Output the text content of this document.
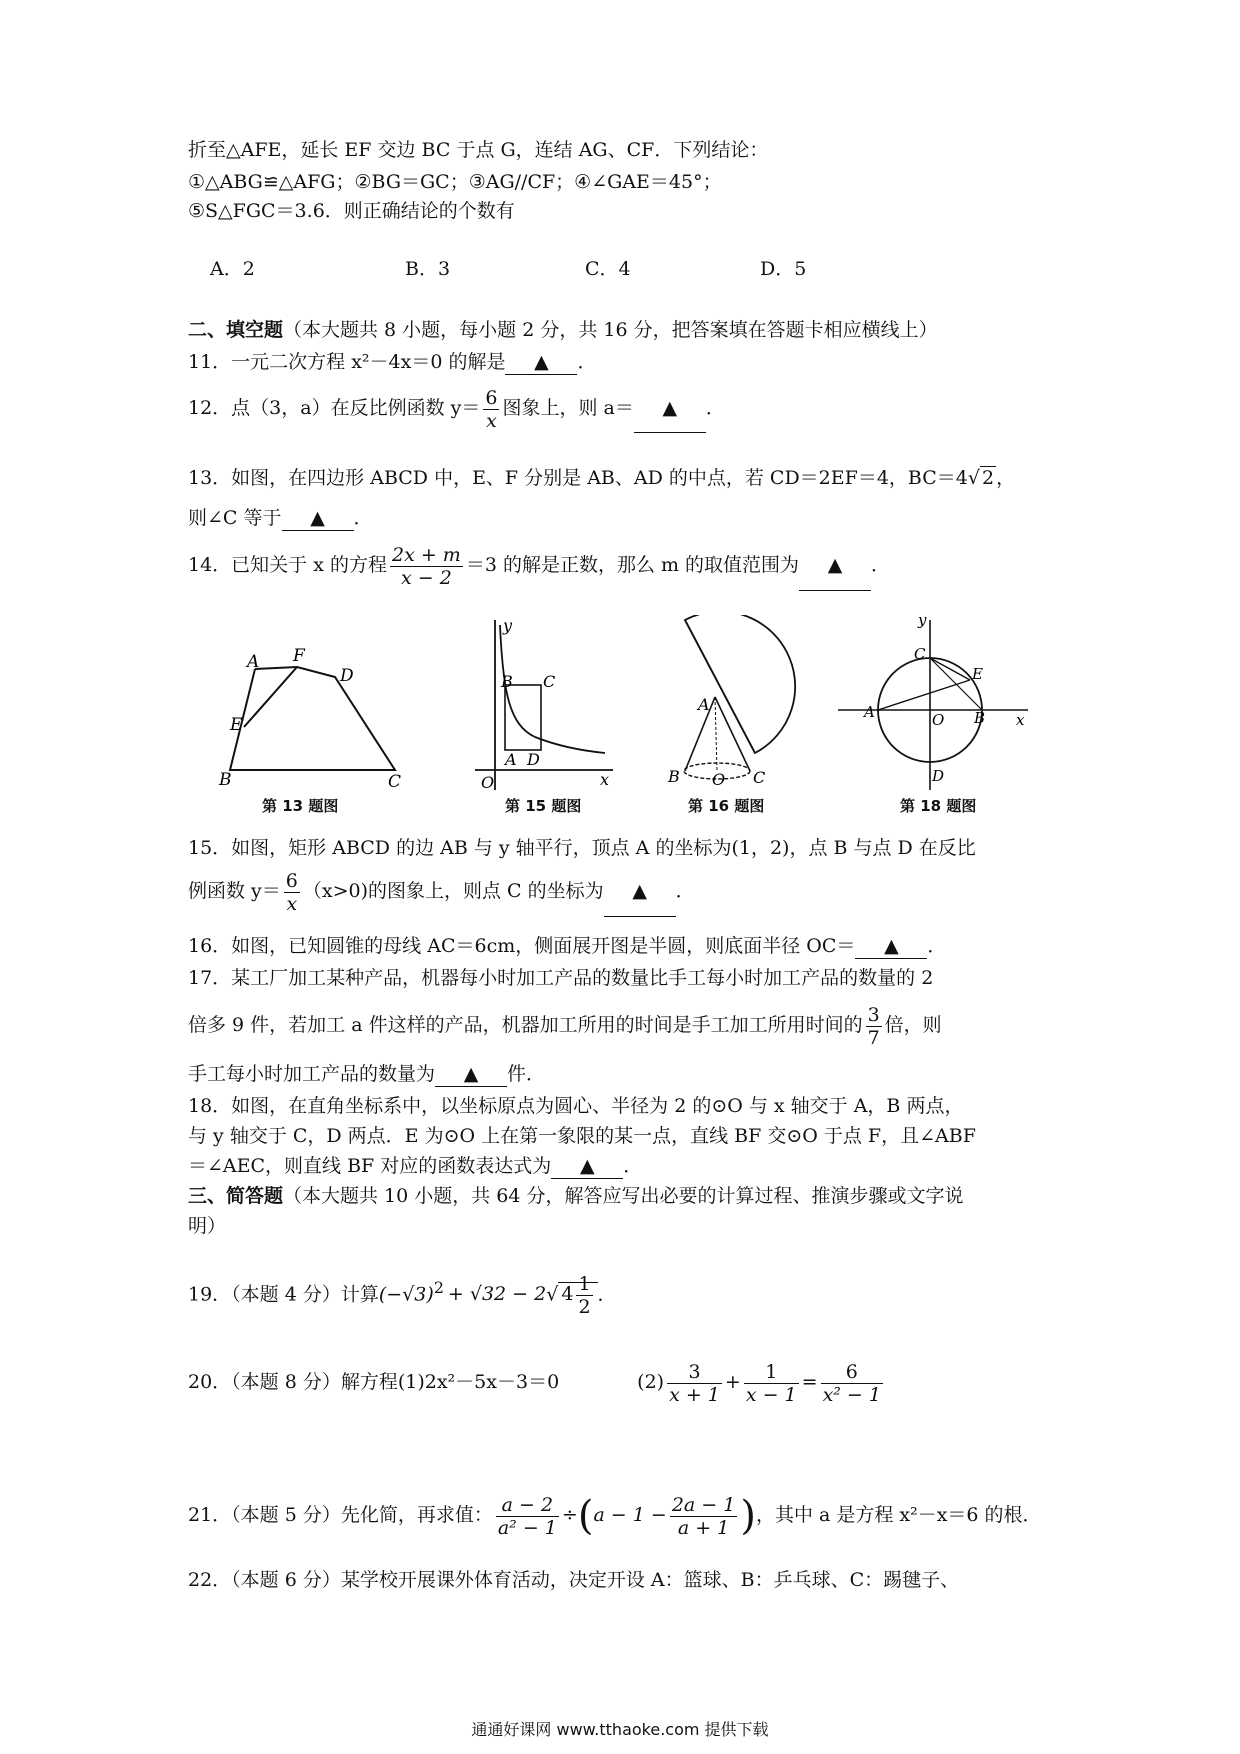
折至△AFE，延长 EF 交边 BC 于点 G，连结 AG、CF．下列结论：
①△ABG≌△AFG；②BG＝GC；③AG//CF；④∠GAE＝45°；
⑤S△FGC＝3.6．则正确结论的个数有
A．2	B．3	C．4	D．5
二、填空题（本大题共 8 小题，每小题 2 分，共 16 分，把答案填在答题卡相应横线上）
11．一元二次方程 x²－4x＝0 的解是 ▲ ．
12．点（3，a）在反比例函数 $y= \frac{6}{x}$ 图象上，则 a＝ ▲ ．
13．如图，在四边形 ABCD 中，E、F 分别是 AB、AD 的中点，若 CD＝2EF＝4，BC＝4√ 2 ，
则∠C 等于 ▲ ．
14．已知关于 x 的方程 $\frac{2x + m}{x - 2} =3$ 的解是正数，那么 m 的取值范围为 ▲ ．
A F
D
E
B	C
第 13 题图
y
B C
A D
O	x
第 15 题图
A
B O C
第 16 题图
y
C
E
A	O B x
D
第 18 题图
15．如图，矩形 ABCD 的边 AB 与 y 轴平行，顶点 A 的坐标为(1，2)，点 B 与点 D 在反比
例函数 $y= \frac{6}{x} (x>0)$的图象上，则点 C 的坐标为 ▲ ．
16．如图，已知圆锥的母线 AC＝6cm，侧面展开图是半圆，则底面半径 OC＝ ▲ ．
17．某工厂加工某种产品，机器每小时加工产品的数量比手工每小时加工产品的数量的 2
倍多 9 件，若加工 a 件这样的产品，机器加工所用的时间是手工加工所用时间的 $\frac{3}{7}$ 倍，则
手工每小时加工产品的数量为 ▲ 件．
18．如图，在直角坐标系中，以坐标原点为圆心、半径为 2 的⊙O 与 x 轴交于 A，B 两点，
与 y 轴交于 C，D 两点．E 为⊙O 上在第一象限的某一点，直线 BF 交⊙O 于点 F，且∠ABF
＝∠AEC，则直线 BF 对应的函数表达式为 ▲ ．
三、简答题（本大题共 10 小题，共 64 分，解答应写出必要的计算过程、推演步骤或文字说
明）
19．（本题 4 分）计算$(-√3)^2 + √32 - 2√$ $4 \frac{1}{2}$ ．
20．（本题 8 分）解方程(1)2x²－5x－3＝0	$(2) \frac{3}{x + 1} + \frac{1}{x - 1} = \frac{6}{\text{x² − 1}}$
21．（本题 5 分）先化简，再求值： $\frac{a - 2}{\text{a² − 1}} \div(a - 1 - \frac{2a - 1}{a + 1}$ )，其中 a 是方程 x²－x＝6 的根．
22．（本题 6 分）某学校开展课外体育活动，决定开设 A：篮球、B：乒乓球、C：踢毽子、
通通好课网 www.tthaoke.com 提供下载
